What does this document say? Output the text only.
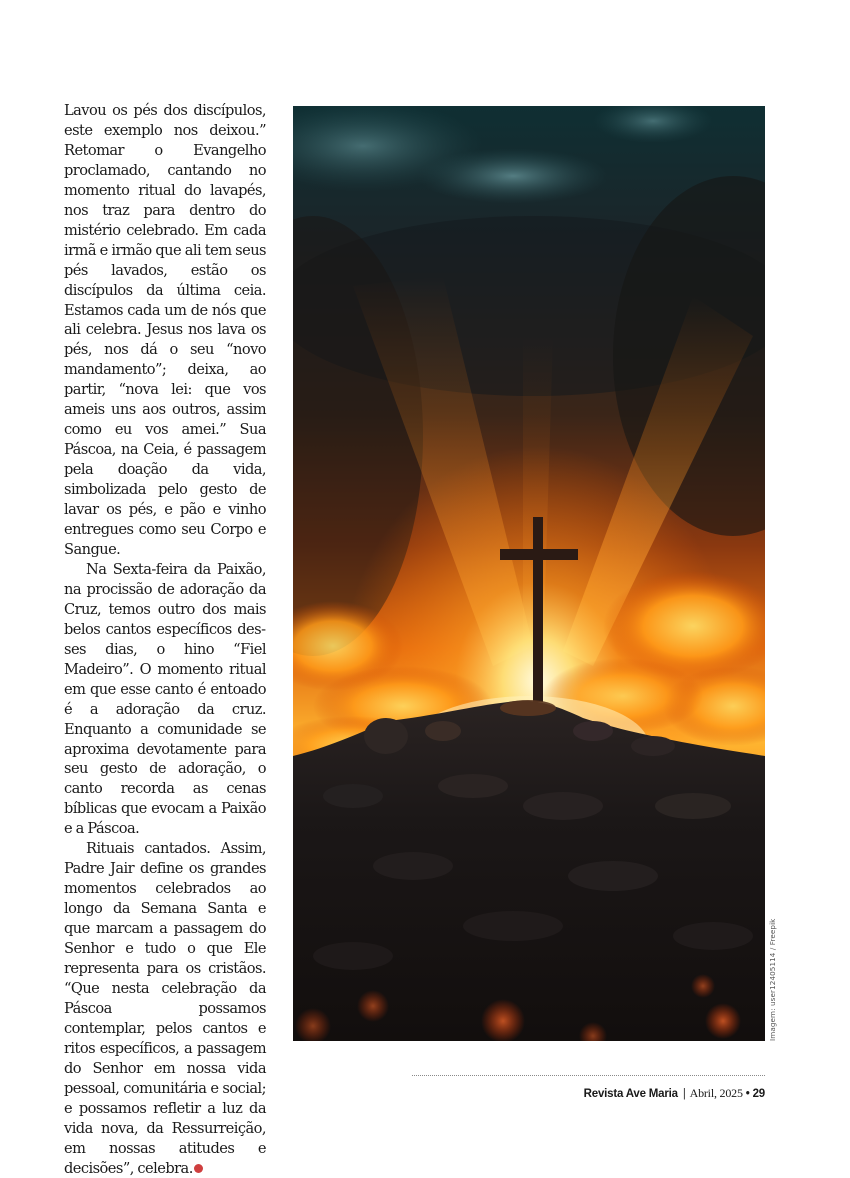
Lavou os pés dos discípulos, este exemplo nos deixou.” Retomar o Evangelho proclamado, cantando no momento ritual do lavapés, nos traz para dentro do mistério celebrado. Em cada irmã e irmão que ali tem seus pés lavados, estão os discípulos da última ceia. Estamos cada um de nós que ali celebra. Jesus nos lava os pés, nos dá o seu “novo mandamento”; deixa, ao partir, “nova lei: que vos ameis uns aos outros, assim como eu vos amei.” Sua Páscoa, na Ceia, é passagem pela doação da vida, simbolizada pelo gesto de lavar os pés, e pão e vinho entregues como seu Corpo e Sangue.

Na Sexta-feira da Paixão, na procissão de adoração da Cruz, temos outro dos mais belos cantos específicos desses dias, o hino “Fiel Madeiro”. O momento ritual em que esse canto é entoado é a adoração da cruz. Enquanto a comunidade se aproxima devotamente para seu gesto de adoração, o canto recorda as cenas bíblicas que evocam a Paixão e a Páscoa.

Rituais cantados. Assim, Padre Jair define os grandes momentos celebrados ao longo da Semana Santa e que marcam a passagem do Senhor e tudo o que Ele representa para os cristãos. “Que nesta celebração da Páscoa possamos contemplar, pelos cantos e ritos específicos, a passagem do Senhor em nossa vida pessoal, comunitária e social; e possamos refletir a luz da vida nova, da Ressurreição, em nossas atitudes e decisões”, celebra.

Imagem: user12405114 / Freepik
Revista Ave Maria | Abril, 2025 • 29
